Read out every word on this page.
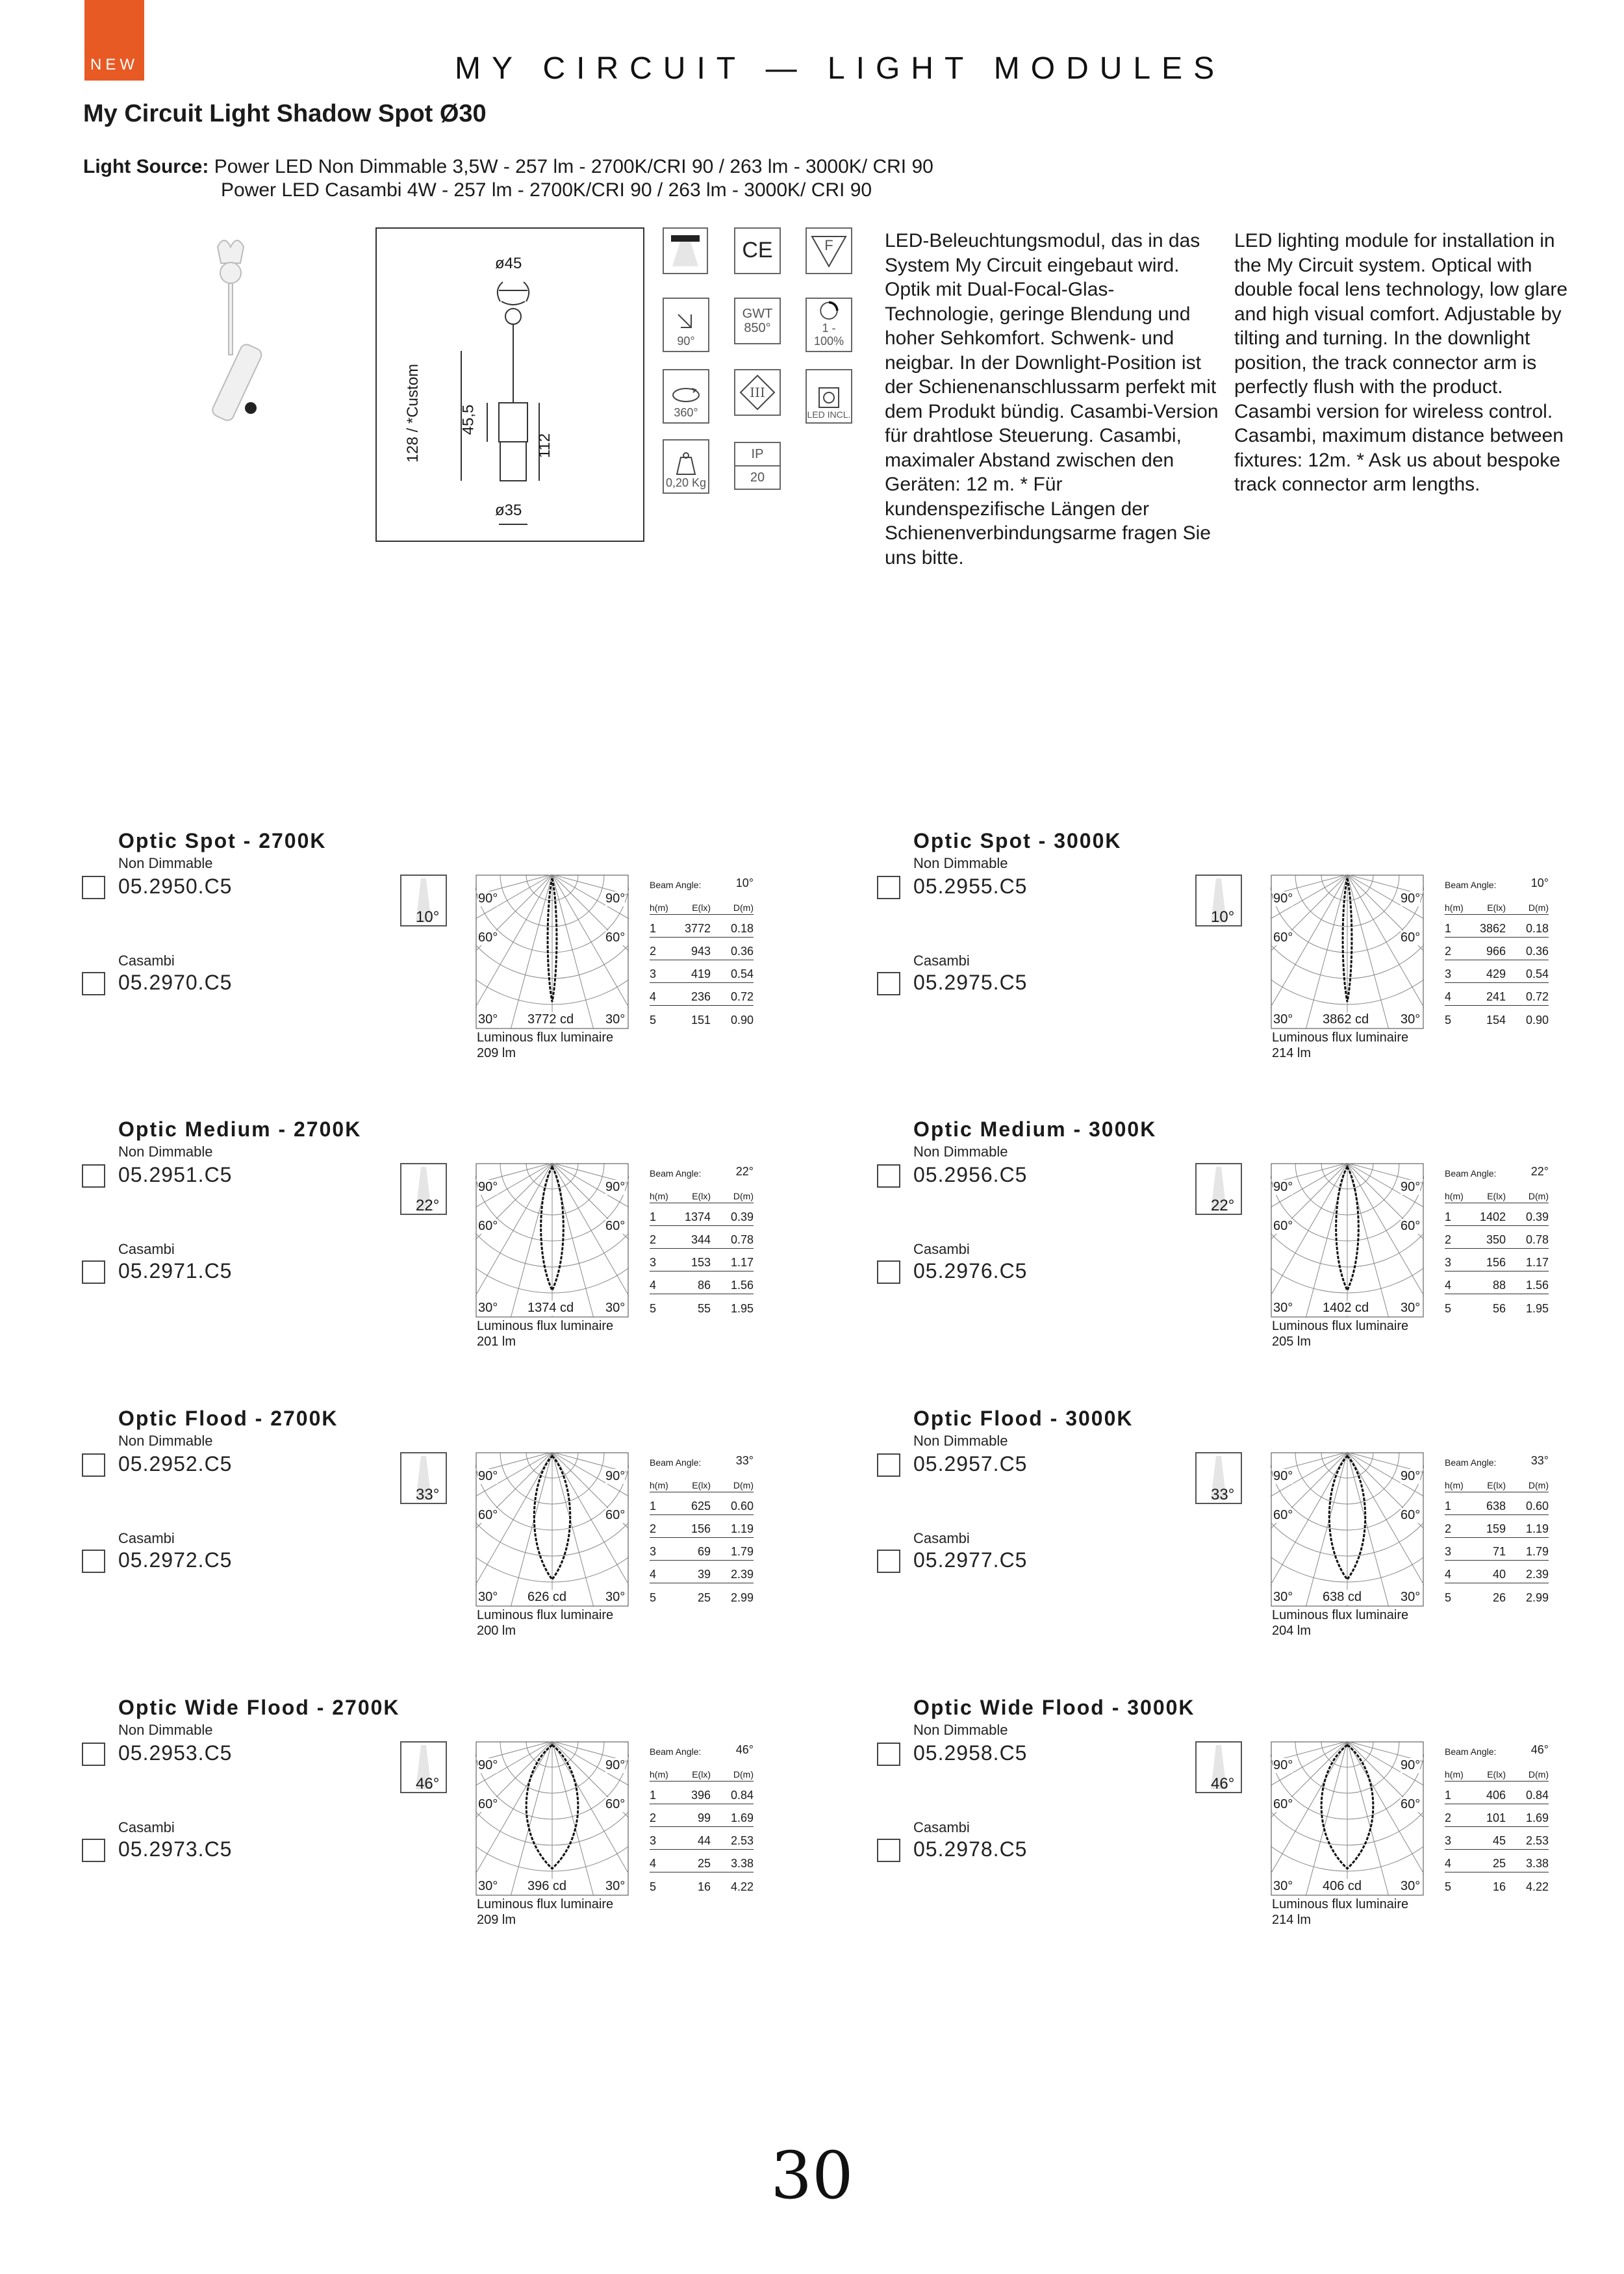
NEW	MY CIRCUIT — LIGHT MODULES
My Circuit Light Shadow Spot Ø30
Light Source: Power LED Non Dimmable 3,5W - 257 lm - 2700K/CRI 90 / 263 lm - 3000K/ CRI 90
Power LED Casambi 4W - 257 lm - 2700K/CRI 90 / 263 lm - 3000K/ CRI 90
ø45
ø35
128 / *Custom 45,5
112
CE	F
90°
GWT
850°	1 - 100%
360°
III
LED INCL.
0,20 Kg
IP
20
LED-Beleuchtungsmodul, das in das System My Circuit eingebaut wird. Optik mit Dual-Focal-Glas-Technologie, geringe Blendung und hoher Sehkomfort. Schwenk- und neigbar. In der Downlight-Position ist der Schienenanschlussarm perfekt mit dem Produkt bündig. Casambi-Version für drahtlose Steuerung. Casambi, maximaler Abstand zwischen den Geräten: 12 m. * Für kundenspezifische Längen der Schienenverbindungsarme fragen Sie uns bitte.
LED lighting module for installation in the My Circuit system. Optical with double focal lens technology, low glare and high visual comfort. Adjustable by tilting and turning. In the downlight position, the track connector arm is perfectly flush with the product. Casambi version for wireless control. Casambi, maximum distance between fixtures: 12m. * Ask us about bespoke track connector arm lengths.
Optic Spot - 2700K
Non Dimmable
05.2950.C5
Casambi
05.2970.C5
10°
90°	90°
60°	60°
30°	30°
3772 cd
Luminous flux luminaire
209 lm
Beam Angle:	10°
h(m)	E(lx)	D(m)
1	3772	0.18
2	943	0.36
3	419	0.54
4	236	0.72
5	151	0.90
Optic Spot - 3000K
Non Dimmable
05.2955.C5
Casambi
05.2975.C5
10°
90°	90°
60°	60°
30°	30°
3862 cd
Luminous flux luminaire
214 lm
Beam Angle:	10°
h(m)	E(lx)	D(m)
1	3862	0.18
2	966	0.36
3	429	0.54
4	241	0.72
5	154	0.90
Optic Medium - 2700K
Non Dimmable
05.2951.C5
Casambi
05.2971.C5
22°
90°	90°
60°	60°
30°	30°
1374 cd
Luminous flux luminaire
201 lm
Beam Angle:	22°
h(m)	E(lx)	D(m)
1	1374	0.39
2	344	0.78
3	153	1.17
4	86	1.56
5	55	1.95
Optic Medium - 3000K
Non Dimmable
05.2956.C5
Casambi
05.2976.C5
22°
90°	90°
60°	60°
30°	30°
1402 cd
Luminous flux luminaire
205 lm
Beam Angle:	22°
h(m)	E(lx)	D(m)
1	1402	0.39
2	350	0.78
3	156	1.17
4	88	1.56
5	56	1.95
Optic Flood - 2700K
Non Dimmable
05.2952.C5
Casambi
05.2972.C5
33°
90°	90°
60°	60°
30°	30°
626 cd
Luminous flux luminaire
200 lm
Beam Angle:	33°
h(m)	E(lx)	D(m)
1	625	0.60
2	156	1.19
3	69	1.79
4	39	2.39
5	25	2.99
Optic Flood - 3000K
Non Dimmable
05.2957.C5
Casambi
05.2977.C5
33°
90°	90°
60°	60°
30°	30°
638 cd
Luminous flux luminaire
204 lm
Beam Angle:	33°
h(m)	E(lx)	D(m)
1	638	0.60
2	159	1.19
3	71	1.79
4	40	2.39
5	26	2.99
Optic Wide Flood - 2700K
Non Dimmable
05.2953.C5
Casambi
05.2973.C5
46°
90°	90°
60°	60°
30°	30°
396 cd
Luminous flux luminaire
209 lm
Beam Angle:	46°
h(m)	E(lx)	D(m)
1	396	0.84
2	99	1.69
3	44	2.53
4	25	3.38
5	16	4.22
Optic Wide Flood - 3000K
Non Dimmable
05.2958.C5
Casambi
05.2978.C5
46°
90°	90°
60°	60°
30°	30°
406 cd
Luminous flux luminaire
214 lm
Beam Angle:	46°
h(m)	E(lx)	D(m)
1	406	0.84
2	101	1.69
3	45	2.53
4	25	3.38
5	16	4.22
30
